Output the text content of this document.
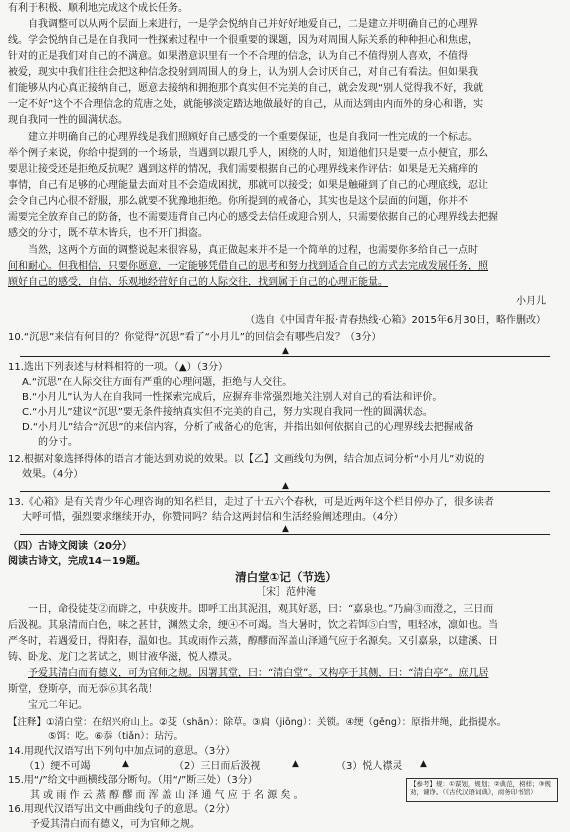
有利于积极、顺利地完成这个成长任务。
自我调整可以从两个层面上来进行，一是学会悦纳自己并好好地爱自己，二是建立并明确自己的心理界
线。学会悦纳自己是在自我同一性探索过程中一个很重要的课题，因为对周围人际关系的种种担心和焦虑，
针对的正是我们对自己的不满意。如果潜意识里有一个不合理的信念，认为自己不值得别人喜欢，不值得
被爱，现实中我们往往会把这种信念投射到周围人的身上，认为别人会讨厌自己，对自己有看法。但如果我
们能够从内心真正接纳自己，愿意去接纳和拥抱那个真实但不完美的自己，就会发现“别人觉得我不好，我就
一定不好”这个不合理信念的荒唐之处，就能够淡定踏达地做最好的自己，从而达到由内而外的身心和谐，实
现自我同一性的圆满状态。
建立并明确自己的心理界线是我们照顾好自己感受的一个重要保证，也是自我同一性完成的一个标志。
举个例子来说，你给中提到的一个场景，当遇到以跟几乎人，困绕的人时，知道他们只是要一点小便宜，那么
要思让接受还是拒绝反抗呢？遇到这样的情况，我们需要根据自己的心理界线来作评估：如果是无关痛痒的
事情，自己有足够的心理能量去面对且不会造成困扰，那就可以接受；如果是触碰到了自己的心理底线，忍让
会令自己内心很不舒服，那么就要不犹豫地拒绝。你所提到的戒备心，其实也是这个层面的问题，你并不
需要完全放弃自己的防备，也不需要违背自己内心的感受去信任或迎合别人，只需要依据自己的心理界线去把握
感交的分寸，既不草木皆兵，也不开门揖盗。
当然，这两个方面的调整说起来很容易，真正做起来并不是一个简单的过程，也需要你多给自己一点时
间和耐心。但我相信，只要你愿意，一定能够凭借自己的思考和努力找到适合自己的方式去完成发展任务，照
顾好自己的感受，自信、乐观地经营好自己的人际交往，找到属于自己的心理正能量。
小月儿
（选自《中国青年报·青春热线·心箱》2015年6月30日，略作删改）
10.“沉思”来信有何目的？你觉得“沉思”看了“小月儿”的回信会有哪些启发？（3分）
▲
11.选出下列表述与材料相符的一项。（▲）（3分）
A.“沉思”在人际交往方面有严重的心理问题，拒绝与人交往。
B.“小月儿”认为人在自我同一性探索完成后，应摒弃非常强烈地关注别人对自己的看法和评价。
C.“小月儿”建议“沉思”要无条件接纳真实但不完美的自己，努力实现自我同一性的圆满状态。
D.“小月儿”结合“沉思”的来信内容，分析了戒备心的危害，并指出如何依据自己的心理界线去把握戒备
的分寸。
12.根据对象选择得体的语言才能达到劝说的效果。以【乙】文画线句为例，结合加点词分析“小月儿”劝说的
效果。（4分）
▲
13.《心箱》是有关青少年心理咨询的知名栏目，走过了十五六个春秋，可是近两年这个栏目停办了，很多读者
大呼可惜，强烈要求继续开办，你赞同吗？结合这两封信和生活经验阐述理由。（4分）
▲
（四）古诗文阅读（20分）
阅读古诗文，完成14－19题。
清白堂①记（节选）
［宋］范仲淹
一日，命役徒芟②而辟之，中获废井。即呼工出其泥沮，观其好恶，曰：“嘉泉也。”乃扁③而澄之，三日而
后汲视。其泉清而白色，味之甚甘，渊然丈余，绠④不可竭。当大暑时，饮之若饵⑤白雪，咀轻冰，凛如也。当
严冬时，若遇爱日，得阳春，温如也。其或雨作云蒸，醇醪而浑盖山泽通气应于名源矣。又引嘉泉，以建溪、日
铸、卧龙、龙门之茗试之，则甘液华滋，悦人襟灵。
予爱其清白而有德义，可为官师之规。因署其堂，曰：“清白堂”。又构亭于其侧，曰：“清白亭”。庶几居
斯堂，登斯亭，而无忝⑥其名哉！
宝元二年记。
【注释】①清白堂：在绍兴府山上。②芟（shān）：除草。③扃（jiōng）：关锁。④绠（gěng）：原指井绳，此指提水。
⑤饵：吃。⑥忝（tiǎn）：玷污。
14.用现代汉语写出下列句中加点词的意思。（3分）
（1）绠不可竭	▲	（2）三日而后汲视	▲	（3）悦人襟灵	▲
15.用“/”给文中画横线部分断句。（用“/”断三处）（3分）
其 或 雨 作 云 蒸 醇 醪 而 浑 盖 山 泽 通 气 应 于 名 源 矣 。
16.用现代汉语写出文中画曲线句子的意思。（2分）
予爱其清白而有德义，可为官师之规。
【参考】规：①谋划，规划；②典范，榜样；③规劝，谏诤。（《古代汉语词典》，商务印书馆）
